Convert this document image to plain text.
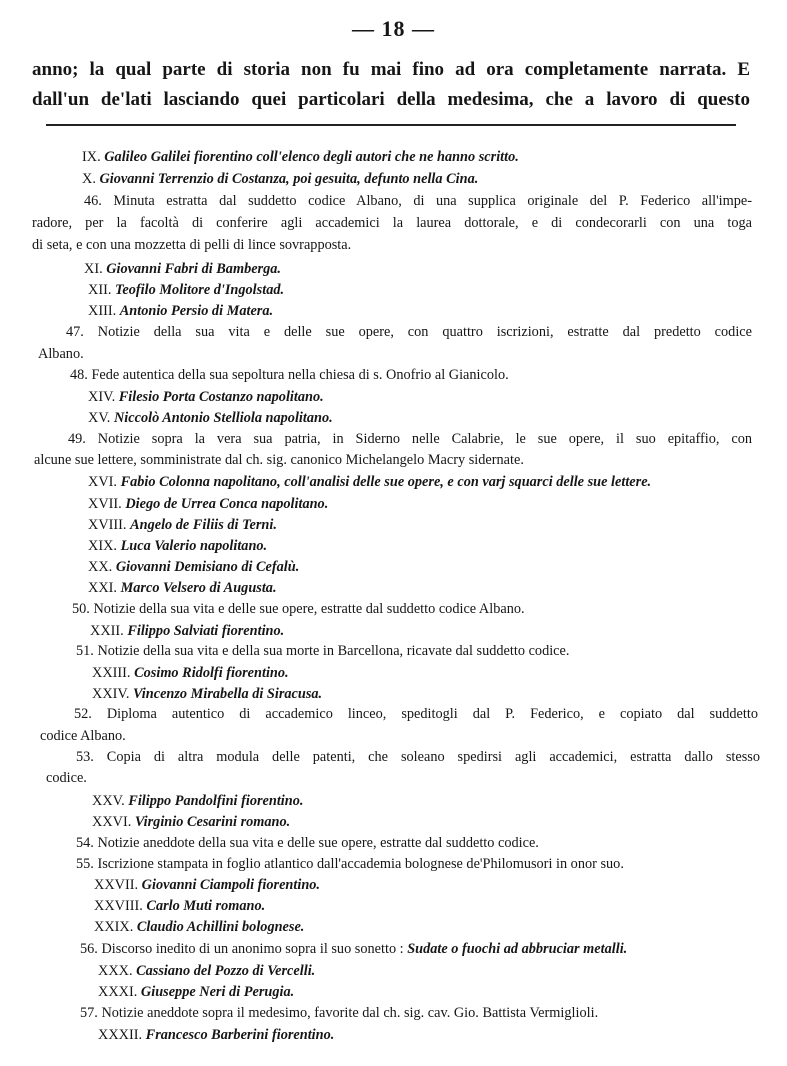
— 18 —
anno; la qual parte di storia non fu mai fino ad ora completamente narrata. E
dall'un de'lati lasciando quei particolari della medesima, che a lavoro di questo
IX. Galileo Galilei fiorentino coll'elenco degli autori che ne hanno scritto.
X. Giovanni Terrenzio di Costanza, poi gesuita, defunto nella Cina.
46. Minuta estratta dal suddetto codice Albano, di una supplica originale del P. Federico all'impe-
radore, per la facoltà di conferire agli accademici la laurea dottorale, e di condecorarli con una toga
di seta, e con una mozzetta di pelli di lince sovrapposta.
XI. Giovanni Fabri di Bamberga.
XII. Teofilo Molitore d'Ingolstad.
XIII. Antonio Persio di Matera.
47. Notizie della sua vita e delle sue opere, con quattro iscrizioni, estratte dal predetto codice
Albano.
48. Fede autentica della sua sepoltura nella chiesa di s. Onofrio al Gianicolo.
XIV. Filesio Porta Costanzo napolitano.
XV. Niccolò Antonio Stelliola napolitano.
49. Notizie sopra la vera sua patria, in Siderno nelle Calabrie, le sue opere, il suo epitaffio, con
alcune sue lettere, somministrate dal ch. sig. canonico Michelangelo Macry sidernate.
XVI. Fabio Colonna napolitano, coll'analisi delle sue opere, e con varj squarci delle sue lettere.
XVII. Diego de Urrea Conca napolitano.
XVIII. Angelo de Filiis di Terni.
XIX. Luca Valerio napolitano.
XX. Giovanni Demisiano di Cefalù.
XXI. Marco Velsero di Augusta.
50. Notizie della sua vita e delle sue opere, estratte dal suddetto codice Albano.
XXII. Filippo Salviati fiorentino.
51. Notizie della sua vita e della sua morte in Barcellona, ricavate dal suddetto codice.
XXIII. Cosimo Ridolfi fiorentino.
XXIV. Vincenzo Mirabella di Siracusa.
52. Diploma autentico di accademico linceo, speditogli dal P. Federico, e copiato dal suddetto
codice Albano.
53. Copia di altra modula delle patenti, che soleano spedirsi agli accademici, estratta dallo stesso
codice.
XXV. Filippo Pandolfini fiorentino.
XXVI. Virginio Cesarini romano.
54. Notizie aneddote della sua vita e delle sue opere, estratte dal suddetto codice.
55. Iscrizione stampata in foglio atlantico dall'accademia bolognese de'Philomusori in onor suo.
XXVII. Giovanni Ciampoli fiorentino.
XXVIII. Carlo Muti romano.
XXIX. Claudio Achillini bolognese.
56. Discorso inedito di un anonimo sopra il suo sonetto : Sudate o fuochi ad abbruciar metalli.
XXX. Cassiano del Pozzo di Vercelli.
XXXI. Giuseppe Neri di Perugia.
57. Notizie aneddote sopra il medesimo, favorite dal ch. sig. cav. Gio. Battista Vermiglioli.
XXXII. Francesco Barberini fiorentino.
